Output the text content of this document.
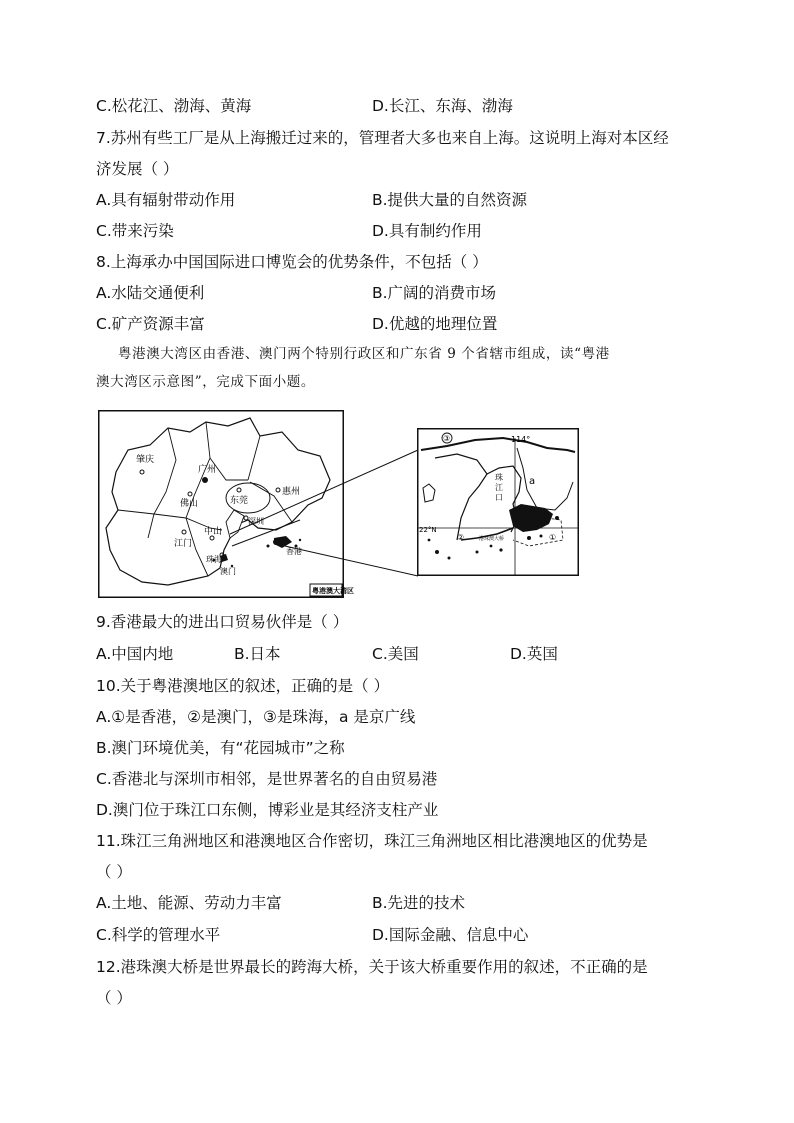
C.松花江、渤海、黄海	D.长江、东海、渤海
7.苏州有些工厂是从上海搬迁过来的，管理者大多也来自上海。这说明上海对本区经
济发展（ ）
A.具有辐射带动作用	B.提供大量的自然资源
C.带来污染	D.具有制约作用
8.上海承办中国国际进口博览会的优势条件，不包括（ ）
A.水陆交通便利	B.广阔的消费市场
C.矿产资源丰富	D.优越的地理位置
粤港澳大湾区由香港、澳门两个特别行政区和广东省 9 个省辖市组成，读“粤港
澳大湾区示意图”，完成下面小题。
肇庆
广州
佛山	东莞
惠州
中山
江门
深圳
珠海
澳门
香港
粤港澳大湾区
③	114°
22°N
珠
江
口
a
②	港珠澳大桥	①
9.香港最大的进出口贸易伙伴是（ ）
A.中国内地	B.日本	C.美国	D.英国
10.关于粤港澳地区的叙述，正确的是（ ）
A.①是香港，②是澳门，③是珠海，a 是京广线
B.澳门环境优美，有“花园城市”之称
C.香港北与深圳市相邻，是世界著名的自由贸易港
D.澳门位于珠江口东侧，博彩业是其经济支柱产业
11.珠江三角洲地区和港澳地区合作密切，珠江三角洲地区相比港澳地区的优势是
（ ）
A.土地、能源、劳动力丰富	B.先进的技术
C.科学的管理水平	D.国际金融、信息中心
12.港珠澳大桥是世界最长的跨海大桥，关于该大桥重要作用的叙述，不正确的是
（ ）
